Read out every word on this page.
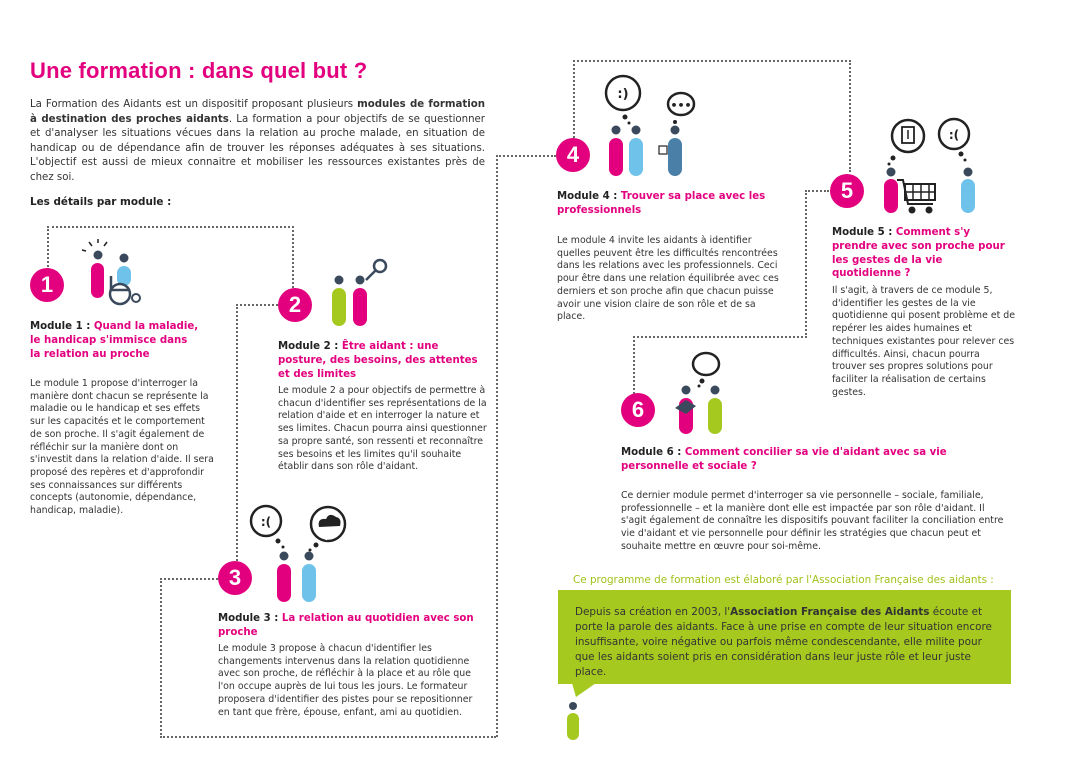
Une formation : dans quel but ?
La Formation des Aidants est un dispositif proposant plusieurs modules de formation à destination des proches aidants. La formation a pour objectifs de se questionner et d'analyser les situations vécues dans la relation au proche malade, en situation de handicap ou de dépendance afin de trouver les réponses adéquates à ses situations. L'objectif est aussi de mieux connaitre et mobiliser les ressources existantes près de chez soi.
Les détails par module :
1
Module 1 : Quand la maladie, le handicap s'immisce dans la relation au proche
Le module 1 propose d'interroger la manière dont chacun se représente la maladie ou le handicap et ses effets sur les capacités et le comportement de son proche. Il s'agit également de réfléchir sur la manière dont on s'investit dans la relation d'aide. Il sera proposé des repères et d'approfondir ses connaissances sur différents concepts (autonomie, dépendance, handicap, maladie).
2
Module 2 : Être aidant : une posture, des besoins, des attentes et des limites
Le module 2 a pour objectifs de permettre à chacun d'identifier ses représentations de la relation d'aide et en interroger la nature et ses limites. Chacun pourra ainsi questionner sa propre santé, son ressenti et reconnaître ses besoins et les limites qu'il souhaite établir dans son rôle d'aidant.
:(
3
Module 3 : La relation au quotidien avec son proche
Le module 3 propose à chacun d'identifier les changements intervenus dans la relation quotidienne avec son proche, de réfléchir à la place et au rôle que l'on occupe auprès de lui tous les jours. Le formateur proposera d'identifier des pistes pour se repositionner en tant que frère, épouse, enfant, ami au quotidien.
:)
•••
4
Module 4 : Trouver sa place avec les professionnels
Le module 4 invite les aidants à identifier quelles peuvent être les difficultés rencontrées dans les relations avec les professionnels. Ceci pour être dans une relation équilibrée avec ces derniers et son proche afin que chacun puisse avoir une vision claire de son rôle et de sa place.
:(
5
Module 5 : Comment s'y prendre avec son proche pour les gestes de la vie quotidienne ?
Il s'agit, à travers de ce module 5, d'identifier les gestes de la vie quotidienne qui posent problème et de repérer les aides humaines et techniques existantes pour relever ces difficultés. Ainsi, chacun pourra trouver ses propres solutions pour faciliter la réalisation de certains gestes.
6
Module 6 : Comment concilier sa vie d'aidant avec sa vie personnelle et sociale ?
Ce dernier module permet d'interroger sa vie personnelle – sociale, familiale, professionnelle – et la manière dont elle est impactée par son rôle d'aidant. Il s'agit également de connaître les dispositifs pouvant faciliter la conciliation entre vie d'aidant et vie personnelle pour définir les stratégies que chacun peut et souhaite mettre en œuvre pour soi-même.
Ce programme de formation est élaboré par l'Association Française des aidants :
Depuis sa création en 2003, l'Association Française des Aidants écoute et porte la parole des aidants. Face à une prise en compte de leur situation encore insuffisante, voire négative ou parfois même condescendante, elle milite pour que les aidants soient pris en considération dans leur juste rôle et leur juste place.
